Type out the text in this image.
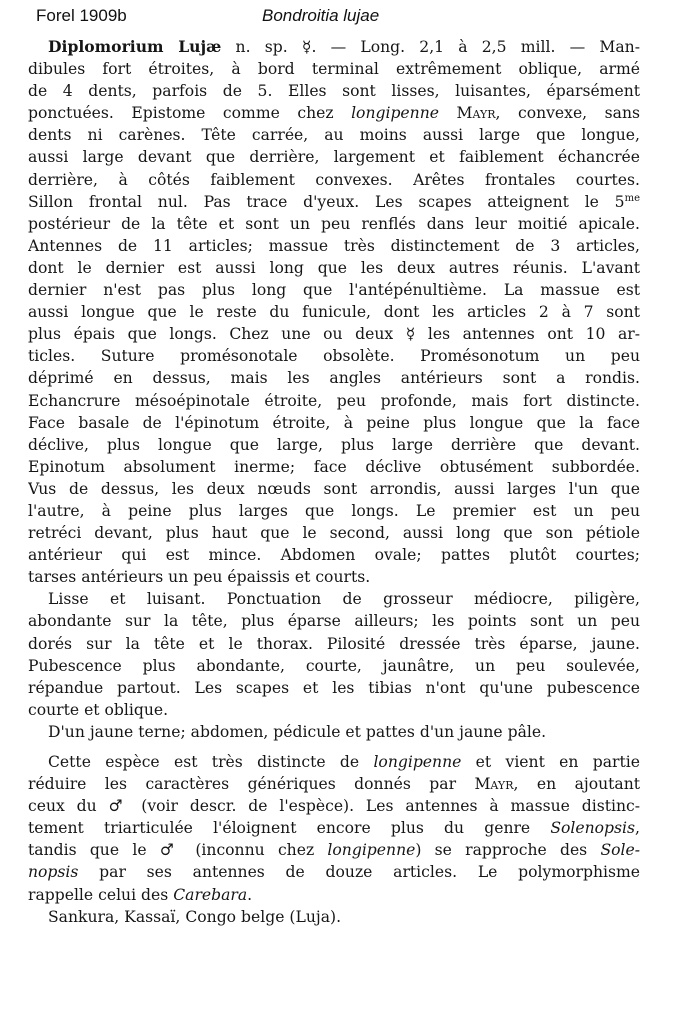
Forel 1909b	Bondroitia lujae
Diplomorium Lujæ n. sp. ☿. — Long. 2,1 à 2,5 mill. — Man-
dibules fort étroites, à bord terminal extrêmement oblique, armé
de 4 dents, parfois de 5. Elles sont lisses, luisantes, éparsément
ponctuées. Epistome comme chez longipenne Mayr, convexe, sans
dents ni carènes. Tête carrée, au moins aussi large que longue,
aussi large devant que derrière, largement et faiblement échancrée
derrière, à côtés faiblement convexes. Arêtes frontales courtes.
Sillon frontal nul. Pas trace d'yeux. Les scapes atteignent le $5^{me}$
postérieur de la tête et sont un peu renflés dans leur moitié apicale.
Antennes de 11 articles; massue très distinctement de 3 articles,
dont le dernier est aussi long que les deux autres réunis. L'avant
dernier n'est pas plus long que l'antépénultième. La massue est
aussi longue que le reste du funicule, dont les articles 2 à 7 sont
plus épais que longs. Chez une ou deux ☿ les antennes ont 10 ar-
ticles. Suture promésonotale obsolète. Promésonotum un peu
déprimé en dessus, mais les angles antérieurs sont a rondis.
Echancrure mésoépinotale étroite, peu profonde, mais fort distincte.
Face basale de l'épinotum étroite, à peine plus longue que la face
déclive, plus longue que large, plus large derrière que devant.
Epinotum absolument inerme; face déclive obtusément subbordée.
Vus de dessus, les deux nœuds sont arrondis, aussi larges l'un que
l'autre, à peine plus larges que longs. Le premier est un peu
retréci devant, plus haut que le second, aussi long que son pétiole
antérieur qui est mince. Abdomen ovale; pattes plutôt courtes;
tarses antérieurs un peu épaissis et courts.
Lisse et luisant. Ponctuation de grosseur médiocre, piligère,
abondante sur la tête, plus éparse ailleurs; les points sont un peu
dorés sur la tête et le thorax. Pilosité dressée très éparse, jaune.
Pubescence plus abondante, courte, jaunâtre, un peu soulevée,
répandue partout. Les scapes et les tibias n'ont qu'une pubescence
courte et oblique.
D'un jaune terne; abdomen, pédicule et pattes d'un jaune pâle.
Cette espèce est très distincte de longipenne et vient en partie
réduire les caractères génériques donnés par Mayr, en ajoutant
ceux du ♂ (voir descr. de l'espèce). Les antennes à massue distinc-
tement triarticulée l'éloignent encore plus du genre Solenopsis,
tandis que le ♂ (inconnu chez longipenne) se rapproche des Sole-
nopsis par ses antennes de douze articles. Le polymorphisme
rappelle celui des Carebara.
Sankura, Kassaï, Congo belge (Luja).
